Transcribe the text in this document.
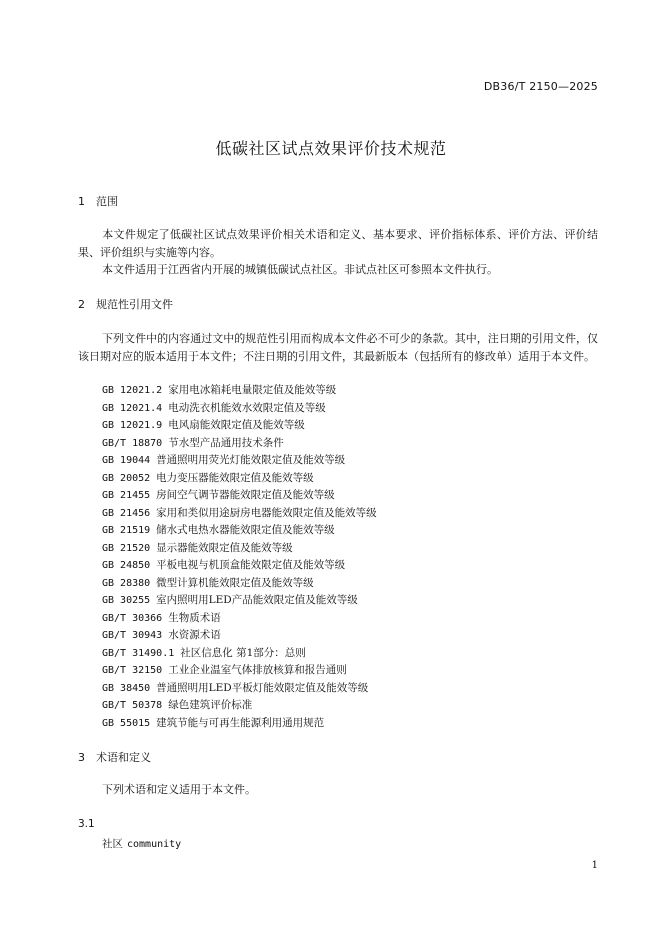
DB36/T 2150—2025
低碳社区试点效果评价技术规范
1 范围
本文件规定了低碳社区试点效果评价相关术语和定义、基本要求、评价指标体系、评价方法、评价结果、评价组织与实施等内容。
本文件适用于江西省内开展的城镇低碳试点社区。非试点社区可参照本文件执行。
2 规范性引用文件
下列文件中的内容通过文中的规范性引用而构成本文件必不可少的条款。其中，注日期的引用文件，仅该日期对应的版本适用于本文件；不注日期的引用文件，其最新版本（包括所有的修改单）适用于本文件。
GB 12021.2 家用电冰箱耗电量限定值及能效等级
GB 12021.4 电动洗衣机能效水效限定值及等级
GB 12021.9 电风扇能效限定值及能效等级
GB/T 18870 节水型产品通用技术条件
GB 19044 普通照明用荧光灯能效限定值及能效等级
GB 20052 电力变压器能效限定值及能效等级
GB 21455 房间空气调节器能效限定值及能效等级
GB 21456 家用和类似用途厨房电器能效限定值及能效等级
GB 21519 储水式电热水器能效限定值及能效等级
GB 21520 显示器能效限定值及能效等级
GB 24850 平板电视与机顶盒能效限定值及能效等级
GB 28380 微型计算机能效限定值及能效等级
GB 30255 室内照明用LED产品能效限定值及能效等级
GB/T 30366 生物质术语
GB/T 30943 水资源术语
GB/T 31490.1 社区信息化 第1部分：总则
GB/T 32150 工业企业温室气体排放核算和报告通则
GB 38450 普通照明用LED平板灯能效限定值及能效等级
GB/T 50378 绿色建筑评价标准
GB 55015 建筑节能与可再生能源利用通用规范
3 术语和定义
下列术语和定义适用于本文件。
3.1
社区 community
1
